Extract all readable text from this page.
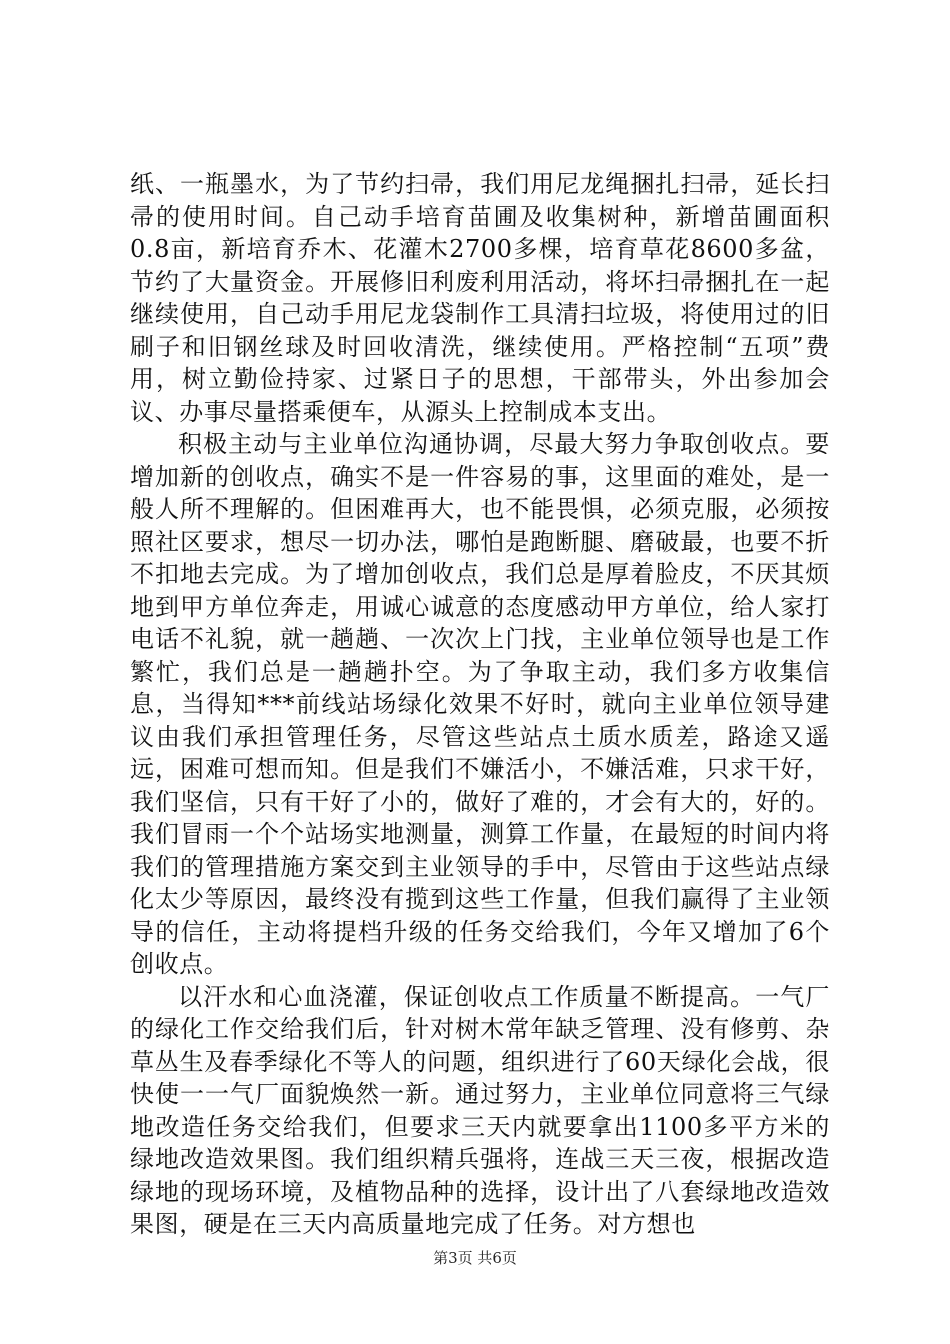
纸、一瓶墨水，为了节约扫帚，我们用尼龙绳捆扎扫帚，延长扫帚的使用时间。自己动手培育苗圃及收集树种，新增苗圃面积0.8亩，新培育乔木、花灌木2700多棵，培育草花8600多盆，节约了大量资金。开展修旧利废利用活动，将坏扫帚捆扎在一起继续使用，自己动手用尼龙袋制作工具清扫垃圾，将使用过的旧刷子和旧钢丝球及时回收清洗，继续使用。严格控制“五项”费用，树立勤俭持家、过紧日子的思想，干部带头，外出参加会议、办事尽量搭乘便车，从源头上控制成本支出。

积极主动与主业单位沟通协调，尽最大努力争取创收点。要增加新的创收点，确实不是一件容易的事，这里面的难处，是一般人所不理解的。但困难再大，也不能畏惧，必须克服，必须按照社区要求，想尽一切办法，哪怕是跑断腿、磨破最，也要不折不扣地去完成。为了增加创收点，我们总是厚着脸皮，不厌其烦地到甲方单位奔走，用诚心诚意的态度感动甲方单位，给人家打电话不礼貌，就一趟趟、一次次上门找，主业单位领导也是工作繁忙，我们总是一趟趟扑空。为了争取主动，我们多方收集信息，当得知***前线站场绿化效果不好时，就向主业单位领导建议由我们承担管理任务，尽管这些站点土质水质差，路途又遥远，困难可想而知。但是我们不嫌活小，不嫌活难，只求干好，我们坚信，只有干好了小的，做好了难的，才会有大的，好的。我们冒雨一个个站场实地测量，测算工作量，在最短的时间内将我们的管理措施方案交到主业领导的手中，尽管由于这些站点绿化太少等原因，最终没有揽到这些工作量，但我们赢得了主业领导的信任，主动将提档升级的任务交给我们，今年又增加了6个创收点。

以汗水和心血浇灌，保证创收点工作质量不断提高。一气厂的绿化工作交给我们后，针对树木常年缺乏管理、没有修剪、杂草丛生及春季绿化不等人的问题，组织进行了60天绿化会战，很快使一一气厂面貌焕然一新。通过努力，主业单位同意将三气绿地改造任务交给我们，但要求三天内就要拿出1100多平方米的绿地改造效果图。我们组织精兵强将，连战三天三夜，根据改造绿地的现场环境，及植物品种的选择，设计出了八套绿地改造效果图，硬是在三天内高质量地完成了任务。对方想也

第3页 共6页
